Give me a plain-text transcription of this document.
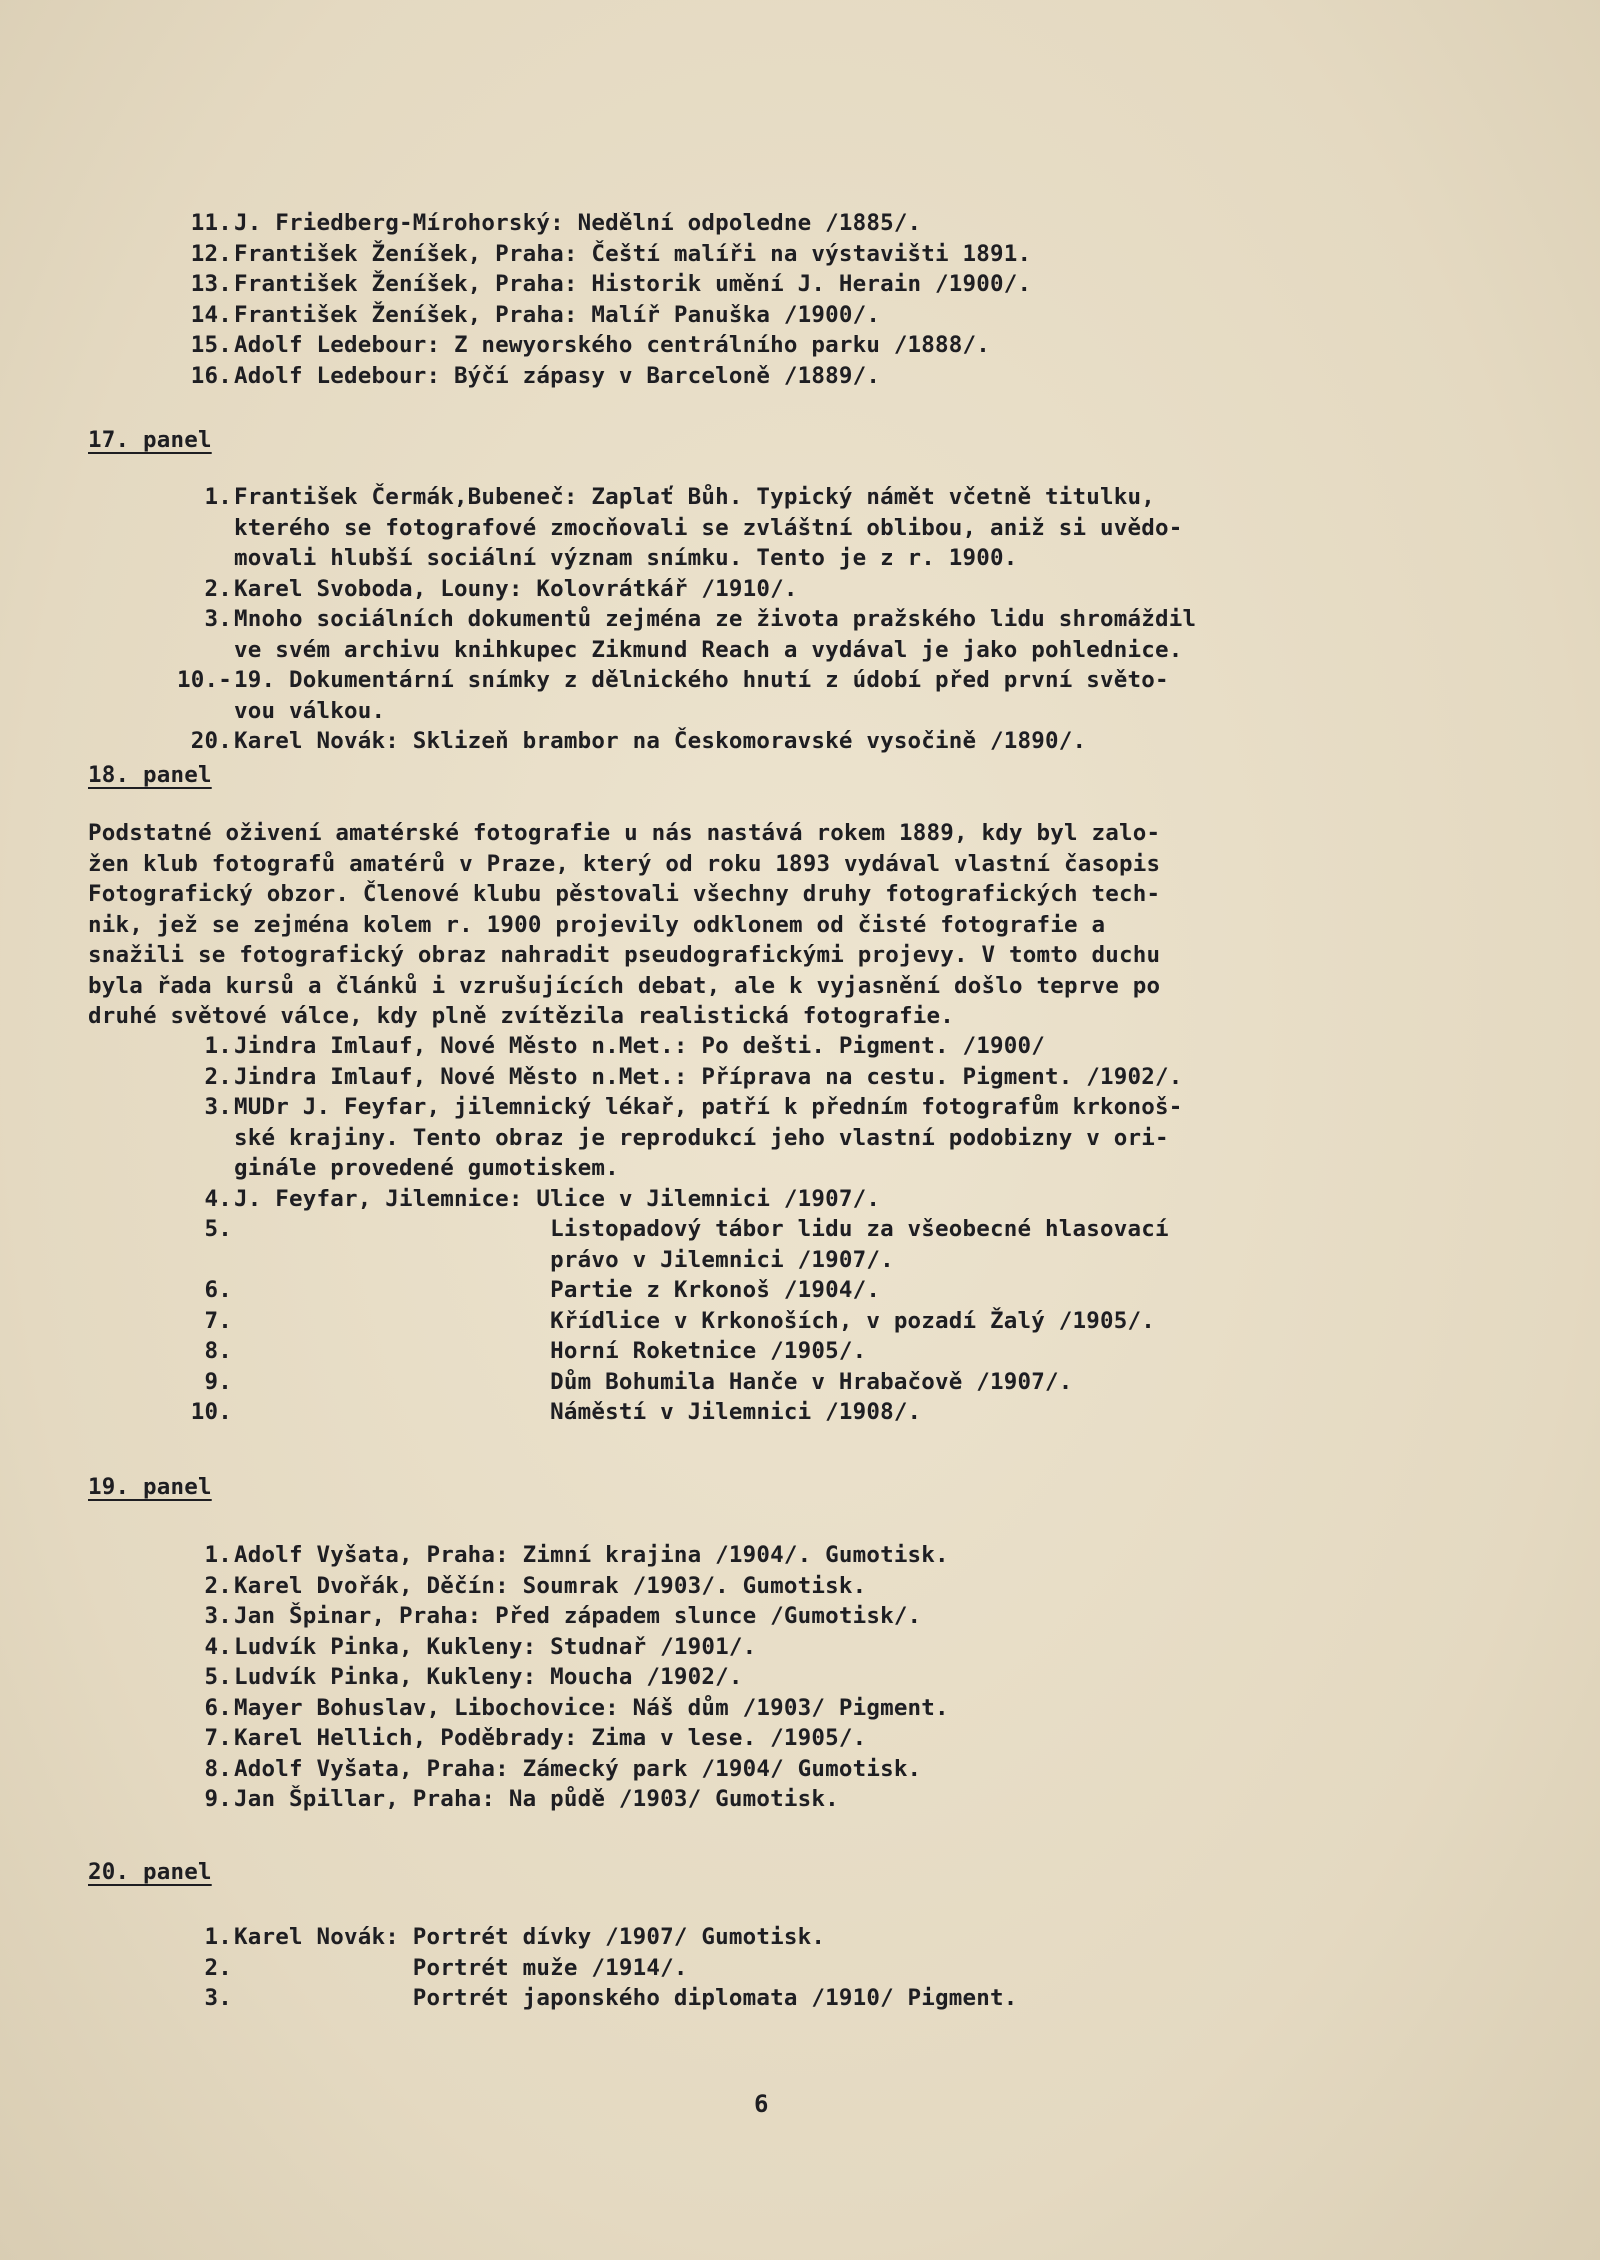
11. J. Friedberg-Mírohorský: Nedělní odpoledne /1885/.
12. František Ženíšek, Praha: Čeští malíři na výstavišti 1891.
13. František Ženíšek, Praha: Historik umění J. Herain /1900/.
14. František Ženíšek, Praha: Malíř Panuška /1900/.
15. Adolf Ledebour: Z newyorského centrálního parku /1888/.
16. Adolf Ledebour: Býčí zápasy v Barceloně /1889/.
17. panel
1. František Čermák,Bubeneč: Zaplať Bůh. Typický námět včetně titulku,
kterého se fotografové zmocňovali se zvláštní oblibou, aniž si uvědo-
movali hlubší sociální význam snímku. Tento je z r. 1900.
2. Karel Svoboda, Louny: Kolovrátkář /1910/.
3. Mnoho sociálních dokumentů zejména ze života pražského lidu shromáždil
ve svém archivu knihkupec Zikmund Reach a vydával je jako pohlednice.
10.- 19. Dokumentární snímky z dělnického hnutí z údobí před první světo-
vou válkou.
20. Karel Novák: Sklizeň brambor na Českomoravské vysočině /1890/.
18. panel
Podstatné oživení amatérské fotografie u nás nastává rokem 1889, kdy byl zalo-
žen klub fotografů amatérů v Praze, který od roku 1893 vydával vlastní časopis
Fotografický obzor. Členové klubu pěstovali všechny druhy fotografických tech-
nik, jež se zejména kolem r. 1900 projevily odklonem od čisté fotografie a
snažili se fotografický obraz nahradit pseudografickými projevy. V tomto duchu
byla řada kursů a článků i vzrušujících debat, ale k vyjasnění došlo teprve po
druhé světové válce, kdy plně zvítězila realistická fotografie.
1. Jindra Imlauf, Nové Město n.Met.: Po dešti. Pigment. /1900/
2. Jindra Imlauf, Nové Město n.Met.: Příprava na cestu. Pigment. /1902/.
3. MUDr J. Feyfar, jilemnický lékař, patří k předním fotografům krkonoš-
ské krajiny. Tento obraz je reprodukcí jeho vlastní podobizny v ori-
ginále provedené gumotiskem.
4. J. Feyfar, Jilemnice: Ulice v Jilemnici /1907/.
5. Listopadový tábor lidu za všeobecné hlasovací
právo v Jilemnici /1907/.
6. Partie z Krkonoš /1904/.
7. Křídlice v Krkonoších, v pozadí Žalý /1905/.
8. Horní Roketnice /1905/.
9. Dům Bohumila Hanče v Hrabačově /1907/.
10. Náměstí v Jilemnici /1908/.
19. panel
1. Adolf Vyšata, Praha: Zimní krajina /1904/. Gumotisk.
2. Karel Dvořák, Děčín: Soumrak /1903/. Gumotisk.
3. Jan Špinar, Praha: Před západem slunce /Gumotisk/.
4. Ludvík Pinka, Kukleny: Studnař /1901/.
5. Ludvík Pinka, Kukleny: Moucha /1902/.
6. Mayer Bohuslav, Libochovice: Náš dům /1903/ Pigment.
7. Karel Hellich, Poděbrady: Zima v lese. /1905/.
8. Adolf Vyšata, Praha: Zámecký park /1904/ Gumotisk.
9. Jan Špillar, Praha: Na půdě /1903/ Gumotisk.
20. panel
1. Karel Novák: Portrét dívky /1907/ Gumotisk.
2. Portrét muže /1914/.
3. Portrét japonského diplomata /1910/ Pigment.
6
